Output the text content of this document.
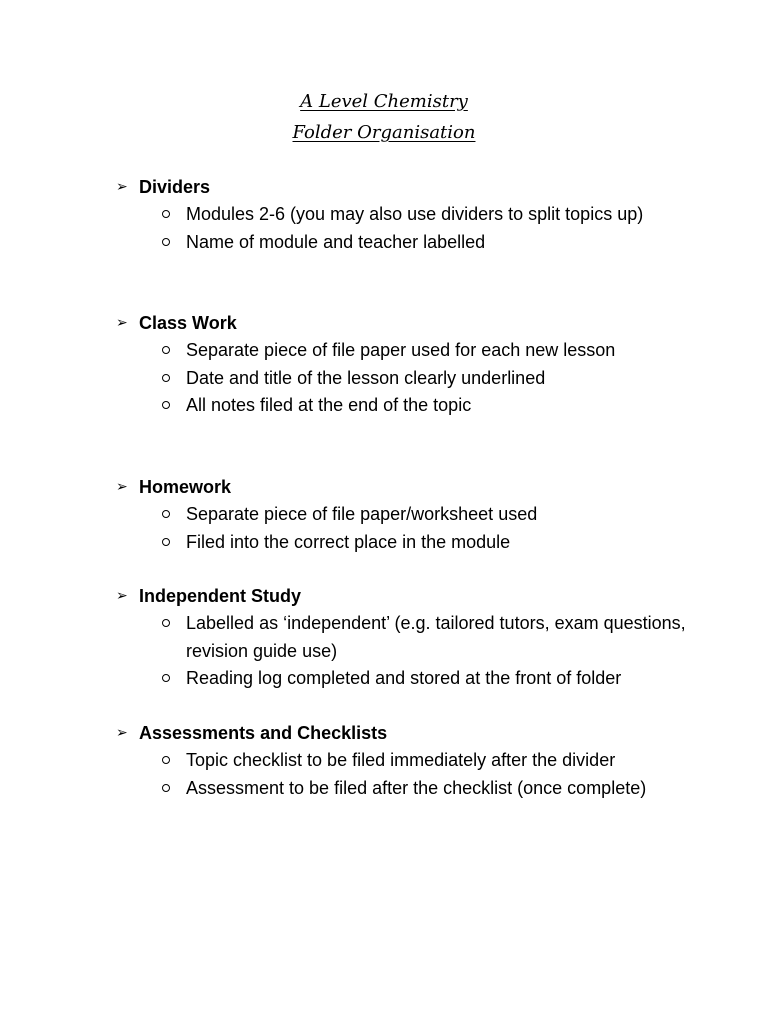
A Level Chemistry
Folder Organisation
➢ Dividers
Modules 2-6 (you may also use dividers to split topics up)
Name of module and teacher labelled
➢ Class Work
Separate piece of file paper used for each new lesson
Date and title of the lesson clearly underlined
All notes filed at the end of the topic
➢ Homework
Separate piece of file paper/worksheet used
Filed into the correct place in the module
➢ Independent Study
Labelled as ‘independent’ (e.g. tailored tutors, exam questions, revision guide use)
Reading log completed and stored at the front of folder
➢ Assessments and Checklists
Topic checklist to be filed immediately after the divider
Assessment to be filed after the checklist (once complete)
